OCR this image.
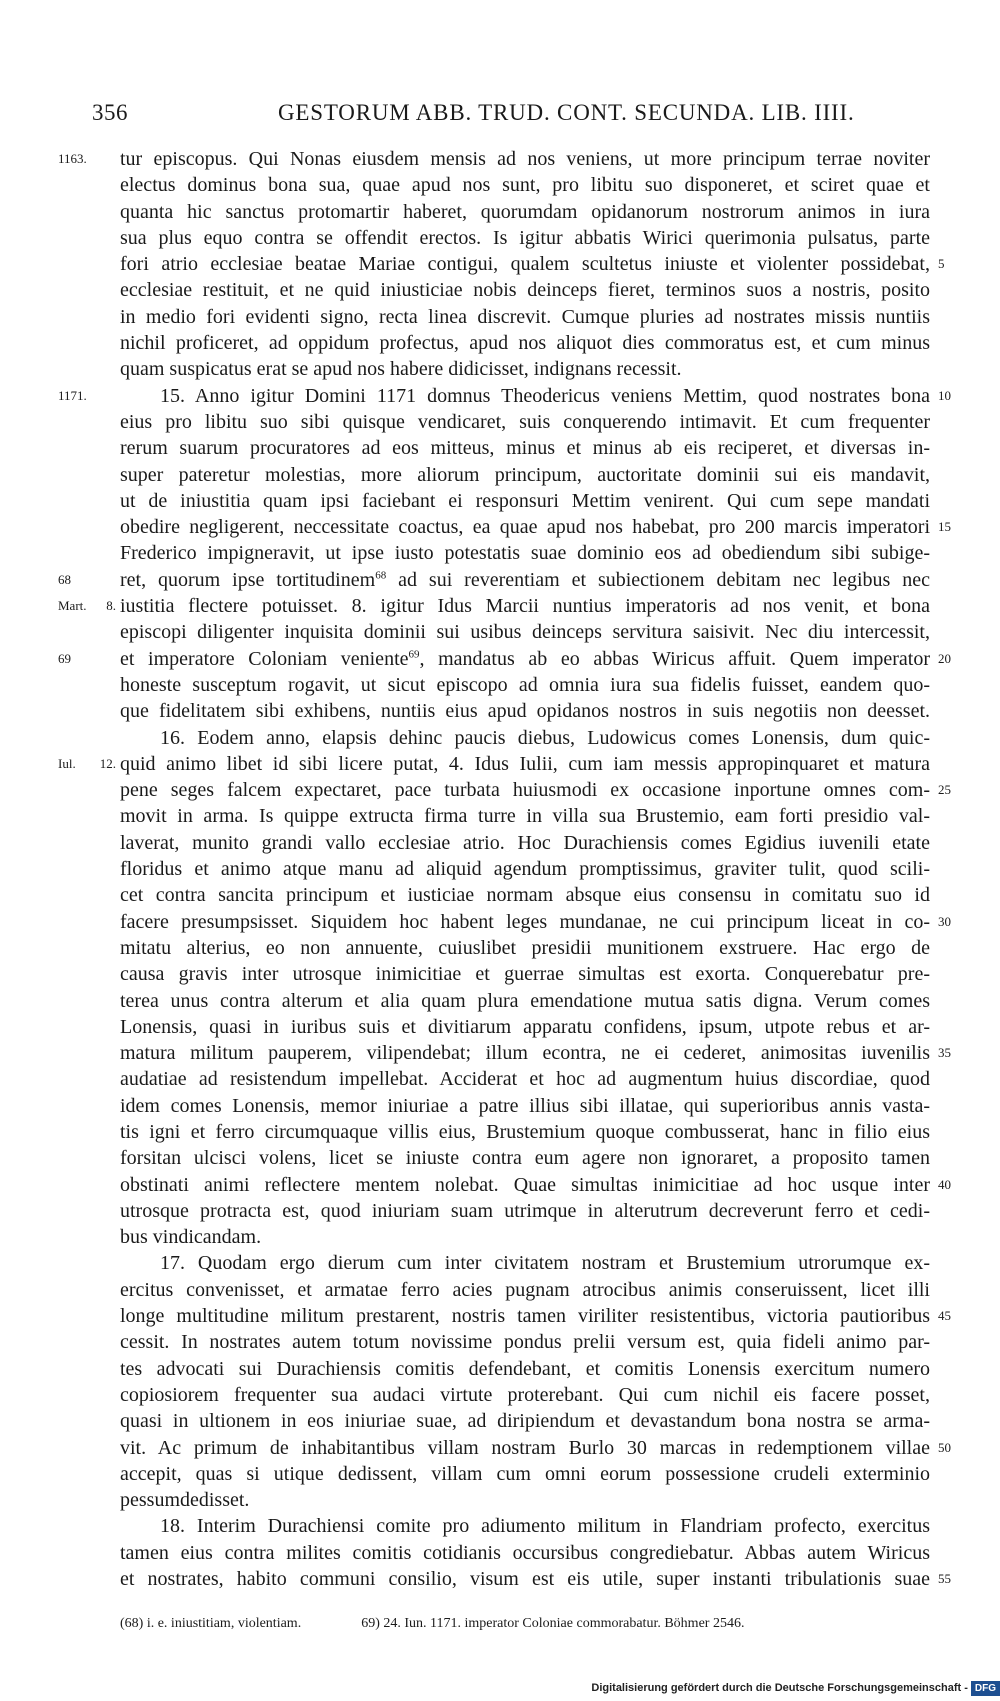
356	GESTORUM ABB. TRUD. CONT. SECUNDA. LIB. IIII.
1163.	tur episcopus. Qui Nonas eiusdem mensis ad nos veniens, ut more principum terrae noviter
electus dominus bona sua, quae apud nos sunt, pro libitu suo disponeret, et sciret quae et
quanta hic sanctus protomartir haberet, quorumdam opidanorum nostrorum animos in iura
sua plus equo contra se offendit erectos. Is igitur abbatis Wirici querimonia pulsatus, parte
fori atrio ecclesiae beatae Mariae contigui, qualem scultetus iniuste et violenter possidebat, 5
ecclesiae restituit, et ne quid iniusticiae nobis deinceps fieret, terminos suos a nostris, posito
in medio fori evidenti signo, recta linea discrevit. Cumque pluries ad nostrates missis nuntiis
nichil proficeret, ad oppidum profectus, apud nos aliquot dies commoratus est, et cum minus
quam suspicatus erat se apud nos habere didicisset, indignans recessit.
1171.	15. Anno igitur Domini 1171 domnus Theodericus veniens Mettim, quod nostrates bona 10
eius pro libitu suo sibi quisque vendicaret, suis conquerendo intimavit. Et cum frequenter
rerum suarum procuratores ad eos mitteus, minus et minus ab eis reciperet, et diversas in-
super pateretur molestias, more aliorum principum, auctoritate dominii sui eis mandavit,
ut de iniustitia quam ipsi faciebant ei responsuri Mettim venirent. Qui cum sepe mandati
obedire negligerent, neccessitate coactus, ea quae apud nos habebat, pro 200 marcis imperatori 15
Frederico impigneravit, ut ipse iusto potestatis suae dominio eos ad obediendum sibi subige-
68	ret, quorum ipse tortitudinem$^{68}$ ad sui reverentiam et subiectionem debitam nec legibus nec
Mart. 8. iustitia flectere potuisset. 8. igitur Idus Marcii nuntius imperatoris ad nos venit, et bona
episcopi diligenter inquisita dominii sui usibus deinceps servitura saisivit. Nec diu intercessit,
69	et imperatore Coloniam veniente$^{69}$, mandatus ab eo abbas Wiricus affuit. Quem imperator 20
honeste susceptum rogavit, ut sicut episcopo ad omnia iura sua fidelis fuisset, eandem quo-
que fidelitatem sibi exhibens, nuntiis eius apud opidanos nostros in suis negotiis non deesset.
16. Eodem anno, elapsis dehinc paucis diebus, Ludowicus comes Lonensis, dum quic-
Iul. 12. quid animo libet id sibi licere putat, 4. Idus Iulii, cum iam messis appropinquaret et matura
pene seges falcem expectaret, pace turbata huiusmodi ex occasione inportune omnes com- 25
movit in arma. Is quippe extructa firma turre in villa sua Brustemio, eam forti presidio val-
laverat, munito grandi vallo ecclesiae atrio. Hoc Durachiensis comes Egidius iuvenili etate
floridus et animo atque manu ad aliquid agendum promptissimus, graviter tulit, quod scili-
cet contra sancita principum et iusticiae normam absque eius consensu in comitatu suo id
facere presumpsisset. Siquidem hoc habent leges mundanae, ne cui principum liceat in co- 30
mitatu alterius, eo non annuente, cuiuslibet presidii munitionem exstruere. Hac ergo de
causa gravis inter utrosque inimicitiae et guerrae simultas est exorta. Conquerebatur pre-
terea unus contra alterum et alia quam plura emendatione mutua satis digna. Verum comes
Lonensis, quasi in iuribus suis et divitiarum apparatu confidens, ipsum, utpote rebus et ar-
matura militum pauperem, vilipendebat; illum econtra, ne ei cederet, animositas iuvenilis 35
audatiae ad resistendum impellebat. Acciderat et hoc ad augmentum huius discordiae, quod
idem comes Lonensis, memor iniuriae a patre illius sibi illatae, qui superioribus annis vasta-
tis igni et ferro circumquaque villis eius, Brustemium quoque combusserat, hanc in filio eius
forsitan ulcisci volens, licet se iniuste contra eum agere non ignoraret, a proposito tamen
obstinati animi reflectere mentem nolebat. Quae simultas inimicitiae ad hoc usque inter 40
utrosque protracta est, quod iniuriam suam utrimque in alterutrum decreverunt ferro et cedi-
bus vindicandam.
17. Quodam ergo dierum cum inter civitatem nostram et Brustemium utrorumque ex-
ercitus convenisset, et armatae ferro acies pugnam atrocibus animis conseruissent, licet illi
longe multitudine militum prestarent, nostris tamen viriliter resistentibus, victoria pautioribus 45
cessit. In nostrates autem totum novissime pondus prelii versum est, quia fideli animo par-
tes advocati sui Durachiensis comitis defendebant, et comitis Lonensis exercitum numero
copiosiorem frequenter sua audaci virtute proterebant. Qui cum nichil eis facere posset,
quasi in ultionem in eos iniuriae suae, ad diripiendum et devastandum bona nostra se arma-
vit. Ac primum de inhabitantibus villam nostram Burlo 30 marcas in redemptionem villae 50
accepit, quas si utique dedissent, villam cum omni eorum possessione crudeli exterminio
pessumdedisset.
18. Interim Durachiensi comite pro adiumento militum in Flandriam profecto, exercitus
tamen eius contra milites comitis cotidianis occursibus congrediebatur. Abbas autem Wiricus
et nostrates, habito communi consilio, visum est eis utile, super instanti tribulationis suae 55
(68) i. e. iniustitiam, violentiam.	69) 24. Iun. 1171. imperator Coloniae commorabatur. Böhmer 2546.
Digitalisierung gefördert durch die Deutsche Forschungsgemeinschaft - DFG
